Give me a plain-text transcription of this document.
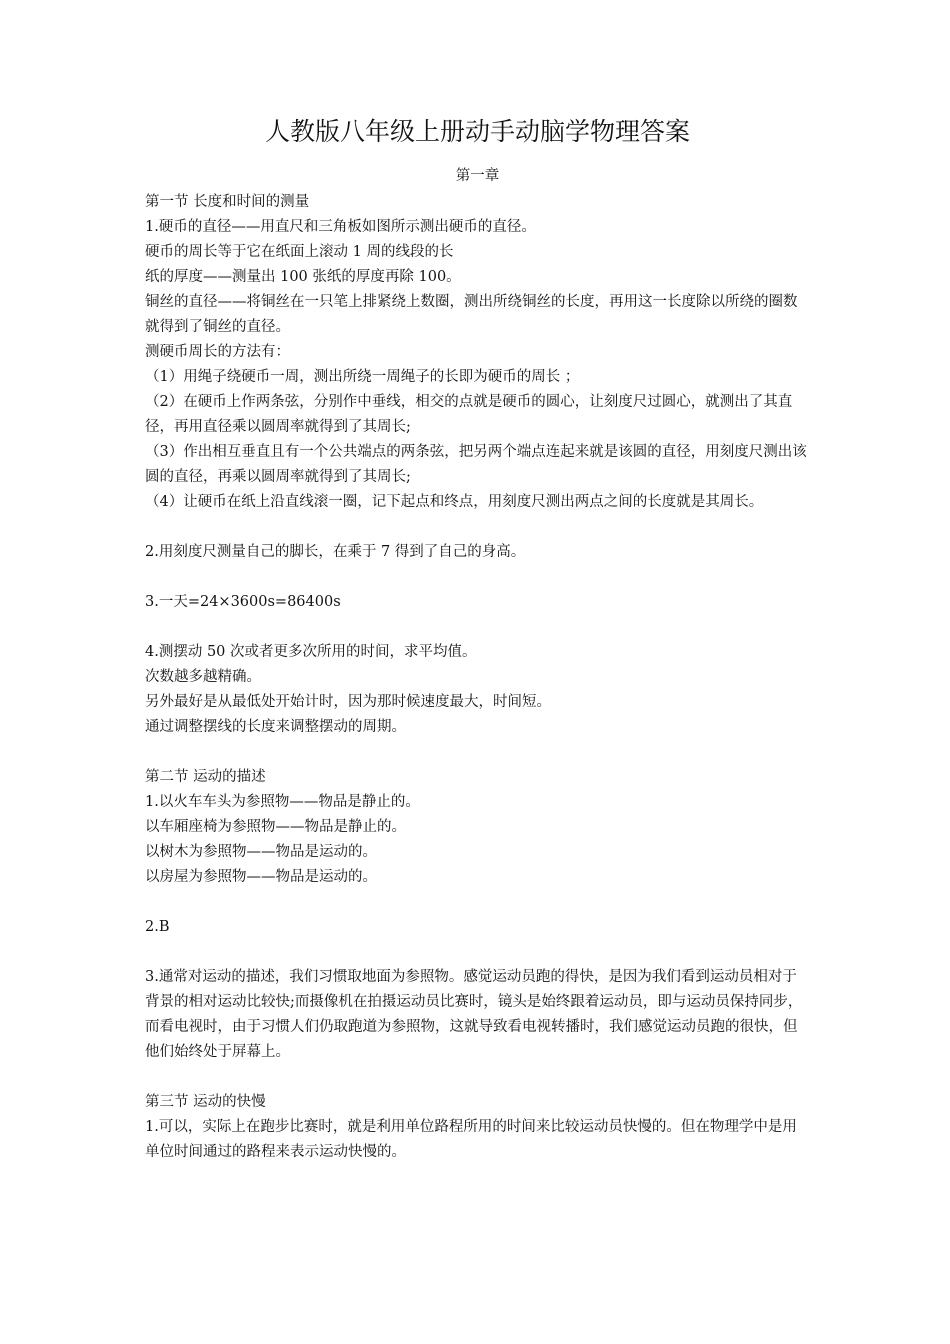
人教版八年级上册动手动脑学物理答案
第一章

第一节 长度和时间的测量

1.硬币的直径——用直尺和三角板如图所示测出硬币的直径。

硬币的周长等于它在纸面上滚动 1 周的线段的长

纸的厚度——测量出 100 张纸的厚度再除 100。

铜丝的直径——将铜丝在一只笔上排紧绕上数圈，测出所绕铜丝的长度，再用这一长度除以所绕的圈数就得到了铜丝的直径。

测硬币周长的方法有：

（1）用绳子绕硬币一周，测出所绕一周绳子的长即为硬币的周长 ；

（2）在硬币上作两条弦，分别作中垂线，相交的点就是硬币的圆心，让刻度尺过圆心，就测出了其直径，再用直径乘以圆周率就得到了其周长;

（3）作出相互垂直且有一个公共端点的两条弦，把另两个端点连起来就是该圆的直径，用刻度尺测出该圆的直径，再乘以圆周率就得到了其周长;

（4）让硬币在纸上沿直线滚一圈，记下起点和终点，用刻度尺测出两点之间的长度就是其周长。

2.用刻度尺测量自己的脚长，在乘于 7 得到了自己的身高。

3.一天=24×3600s=86400s

4.测摆动 50 次或者更多次所用的时间，求平均值。

次数越多越精确。

另外最好是从最低处开始计时，因为那时候速度最大，时间短。

通过调整摆线的长度来调整摆动的周期。

第二节 运动的描述

1.以火车车头为参照物——物品是静止的。

以车厢座椅为参照物——物品是静止的。

以树木为参照物——物品是运动的。

以房屋为参照物——物品是运动的。

2.B

3.通常对运动的描述，我们习惯取地面为参照物。感觉运动员跑的得快，是因为我们看到运动员相对于背景的相对运动比较快;而摄像机在拍摄运动员比赛时，镜头是始终跟着运动员，即与运动员保持同步，而看电视时，由于习惯人们仍取跑道为参照物，这就导致看电视转播时，我们感觉运动员跑的很快，但他们始终处于屏幕上。

第三节 运动的快慢

1.可以，实际上在跑步比赛时，就是利用单位路程所用的时间来比较运动员快慢的。但在物理学中是用单位时间通过的路程来表示运动快慢的。
